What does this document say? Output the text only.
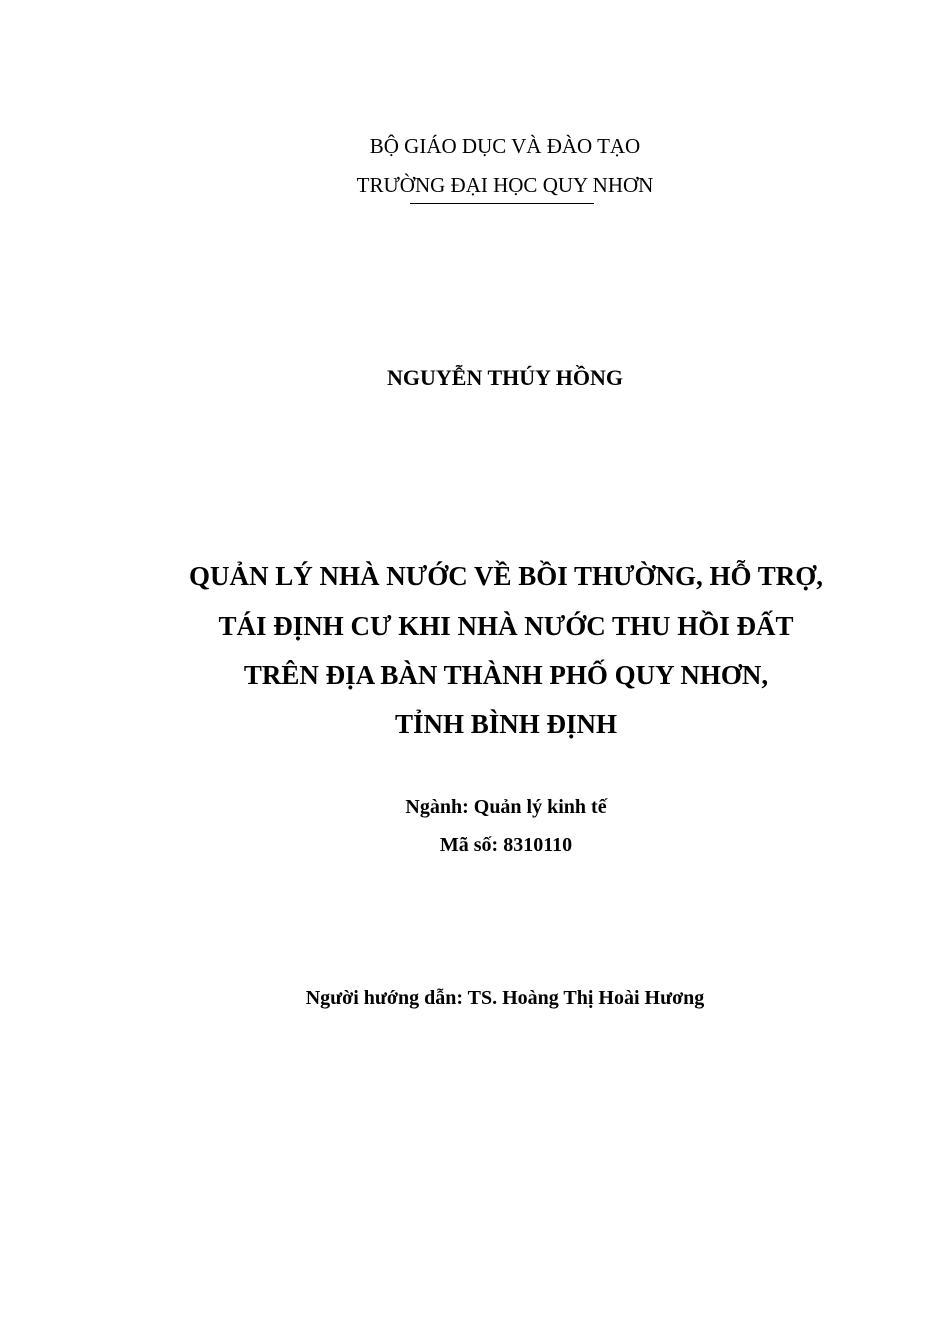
BỘ GIÁO DỤC VÀ ĐÀO TẠO
TRƯỜNG ĐẠI HỌC QUY NHƠN
NGUYỄN THÚY HỒNG
QUẢN LÝ NHÀ NƯỚC VỀ BỒI THƯỜNG, HỖ TRỢ,
TÁI ĐỊNH CƯ KHI NHÀ NƯỚC THU HỒI ĐẤT
TRÊN ĐỊA BÀN THÀNH PHỐ QUY NHƠN,
TỈNH BÌNH ĐỊNH
Ngành: Quản lý kinh tế
Mã số: 8310110
Người hướng dẫn: TS. Hoàng Thị Hoài Hương
